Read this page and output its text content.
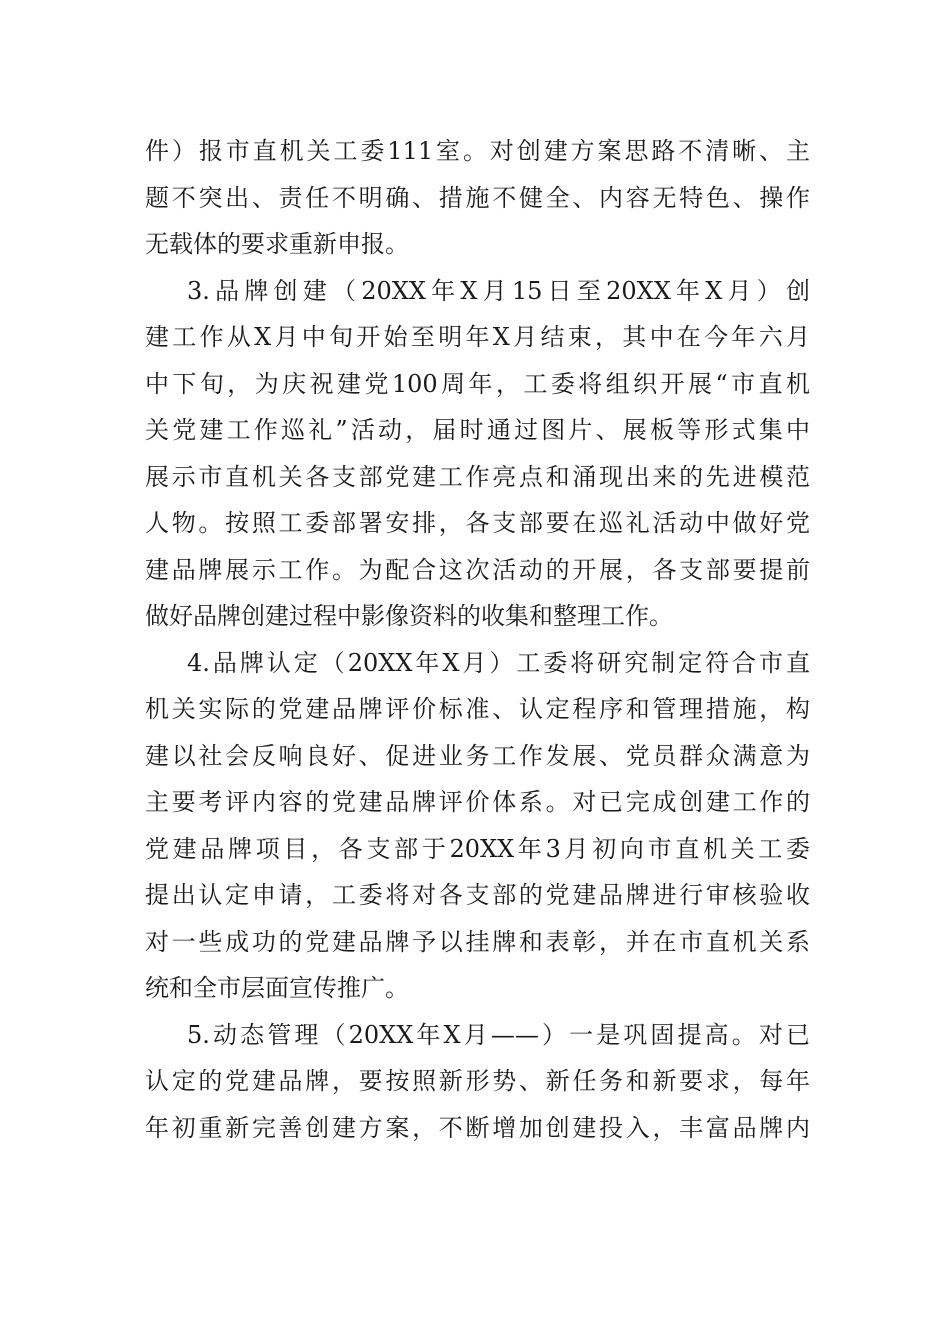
件）报市直机关工委111室。对创建方案思路不清晰、主
题不突出、责任不明确、措施不健全、内容无特色、操作
无载体的要求重新申报。
3.品牌创建（20XX年X月15日至20XX年X月）创
建工作从X月中旬开始至明年X月结束，其中在今年六月
中下旬，为庆祝建党100周年，工委将组织开展“市直机
关党建工作巡礼”活动，届时通过图片、展板等形式集中
展示市直机关各支部党建工作亮点和涌现出来的先进模范
人物。按照工委部署安排，各支部要在巡礼活动中做好党
建品牌展示工作。为配合这次活动的开展，各支部要提前
做好品牌创建过程中影像资料的收集和整理工作。
4.品牌认定（20XX年X月）工委将研究制定符合市直
机关实际的党建品牌评价标准、认定程序和管理措施，构
建以社会反响良好、促进业务工作发展、党员群众满意为
主要考评内容的党建品牌评价体系。对已完成创建工作的
党建品牌项目，各支部于20XX年3月初向市直机关工委
提出认定申请，工委将对各支部的党建品牌进行审核验收
对一些成功的党建品牌予以挂牌和表彰，并在市直机关系
统和全市层面宣传推广。
5.动态管理（20XX年X月——）一是巩固提高。对已
认定的党建品牌，要按照新形势、新任务和新要求，每年
年初重新完善创建方案，不断增加创建投入，丰富品牌内
